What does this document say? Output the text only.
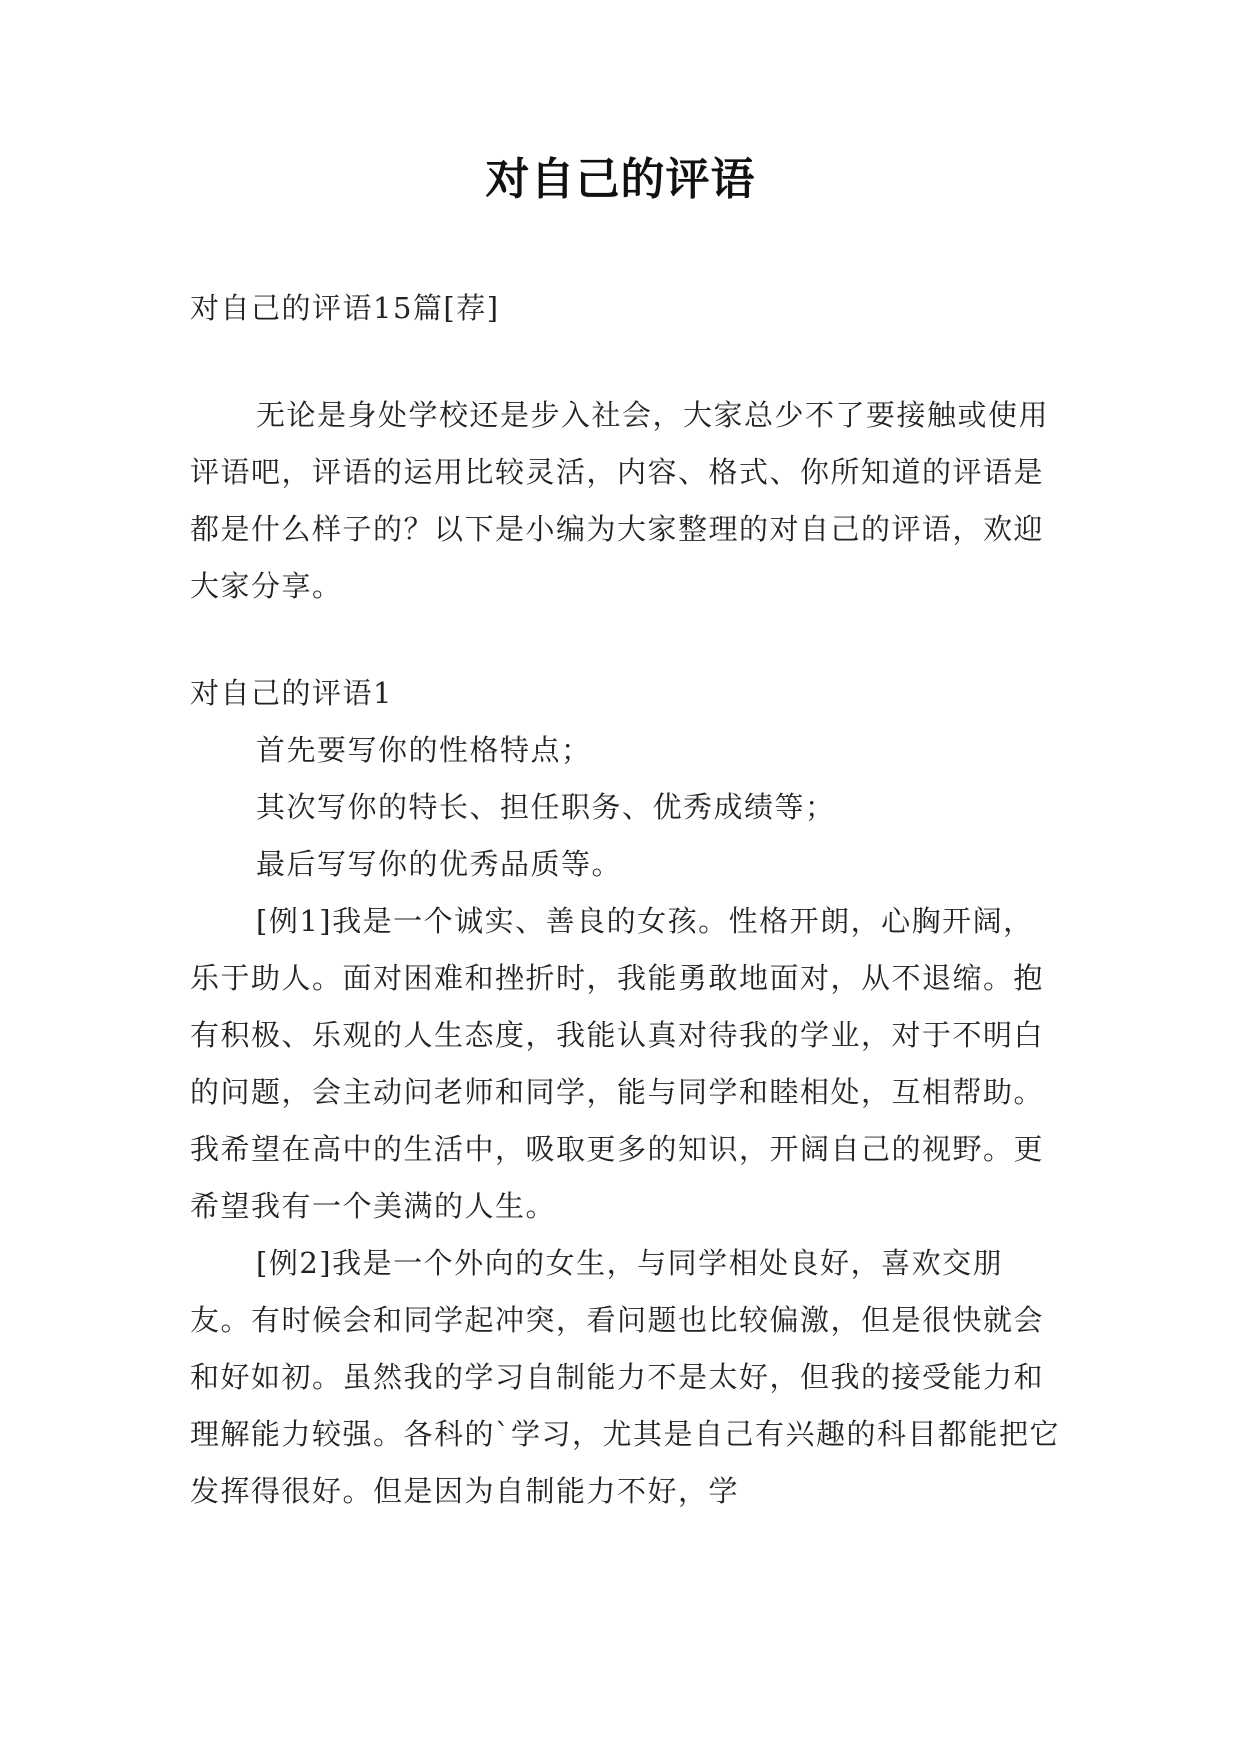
对自己的评语

对自己的评语15篇[荐]

无论是身处学校还是步入社会，大家总少不了要接触或使用评语吧，评语的运用比较灵活，内容、格式、你所知道的评语是都是什么样子的？以下是小编为大家整理的对自己的评语，欢迎大家分享。

对自己的评语1

首先要写你的性格特点；

其次写你的特长、担任职务、优秀成绩等；

最后写写你的优秀品质等。

[例1]我是一个诚实、善良的女孩。性格开朗，心胸开阔，乐于助人。面对困难和挫折时，我能勇敢地面对，从不退缩。抱有积极、乐观的人生态度，我能认真对待我的学业，对于不明白的问题，会主动问老师和同学，能与同学和睦相处，互相帮助。我希望在高中的生活中，吸取更多的知识，开阔自己的视野。更希望我有一个美满的人生。

[例2]我是一个外向的女生，与同学相处良好，喜欢交朋友。有时候会和同学起冲突，看问题也比较偏激，但是很快就会和好如初。虽然我的学习自制能力不是太好，但我的接受能力和理解能力较强。各科的`学习，尤其是自己有兴趣的科目都能把它发挥得很好。但是因为自制能力不好，学
